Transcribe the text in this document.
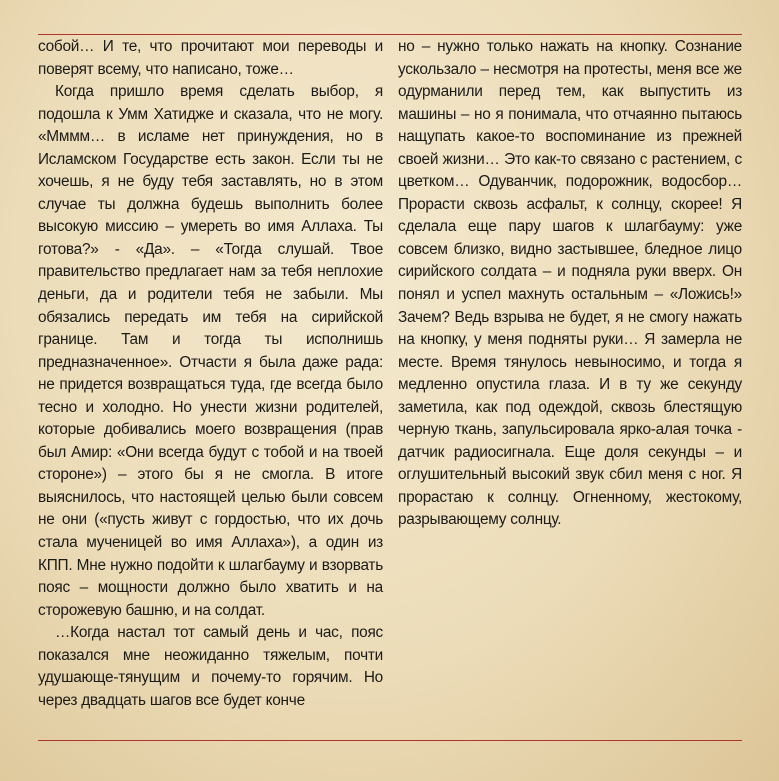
собой… И те, что прочитают мои переводы и поверят всему, что написано, тоже…

Когда пришло время сделать выбор, я подошла к Умм Хатидже и сказала, что не могу. «Мммм… в исламе нет принуждения, но в Исламском Государстве есть закон. Если ты не хочешь, я не буду тебя заставлять, но в этом случае ты должна будешь выполнить более высокую миссию – умереть во имя Аллаха. Ты готова?» - «Да». – «Тогда слушай. Твое правительство предлагает нам за тебя неплохие деньги, да и родители тебя не забыли. Мы обязались передать им тебя на сирийской границе. Там и тогда ты исполнишь предназначенное». Отчасти я была даже рада: не придется возвращаться туда, где всегда было тесно и холодно. Но унести жизни родителей, которые добивались моего возвращения (прав был Амир: «Они всегда будут с тобой и на твоей стороне») – этого бы я не смогла. В итоге выяснилось, что настоящей целью были совсем не они («пусть живут с гордостью, что их дочь стала мученицей во имя Аллаха»), а один из КПП. Мне нужно подойти к шлагбауму и взорвать пояс – мощности должно было хватить и на сторожевую башню, и на солдат.

…Когда настал тот самый день и час, пояс показался мне неожиданно тяжелым, почти удушающе-тянущим и почему-то горячим. Но через двадцать шагов все будет конче

но – нужно только нажать на кнопку. Сознание ускользало – несмотря на протесты, меня все же одурманили перед тем, как выпустить из машины – но я понимала, что отчаянно пытаюсь нащупать какое-то воспоминание из прежней своей жизни… Это как-то связано с растением, с цветком… Одуванчик, подорожник, водосбор… Прорасти сквозь асфальт, к солнцу, скорее! Я сделала еще пару шагов к шлагбауму: уже совсем близко, видно застывшее, бледное лицо сирийского солдата – и подняла руки вверх. Он понял и успел махнуть остальным – «Ложись!» Зачем? Ведь взрыва не будет, я не смогу нажать на кнопку, у меня подняты руки… Я замерла не месте. Время тянулось невыносимо, и тогда я медленно опустила глаза. И в ту же секунду заметила, как под одеждой, сквозь блестящую черную ткань, запульсировала ярко-алая точка - датчик радиосигнала. Еще доля секунды – и оглушительный высокий звук сбил меня с ног. Я прорастаю к солнцу. Огненному, жестокому, разрывающему солнцу.
